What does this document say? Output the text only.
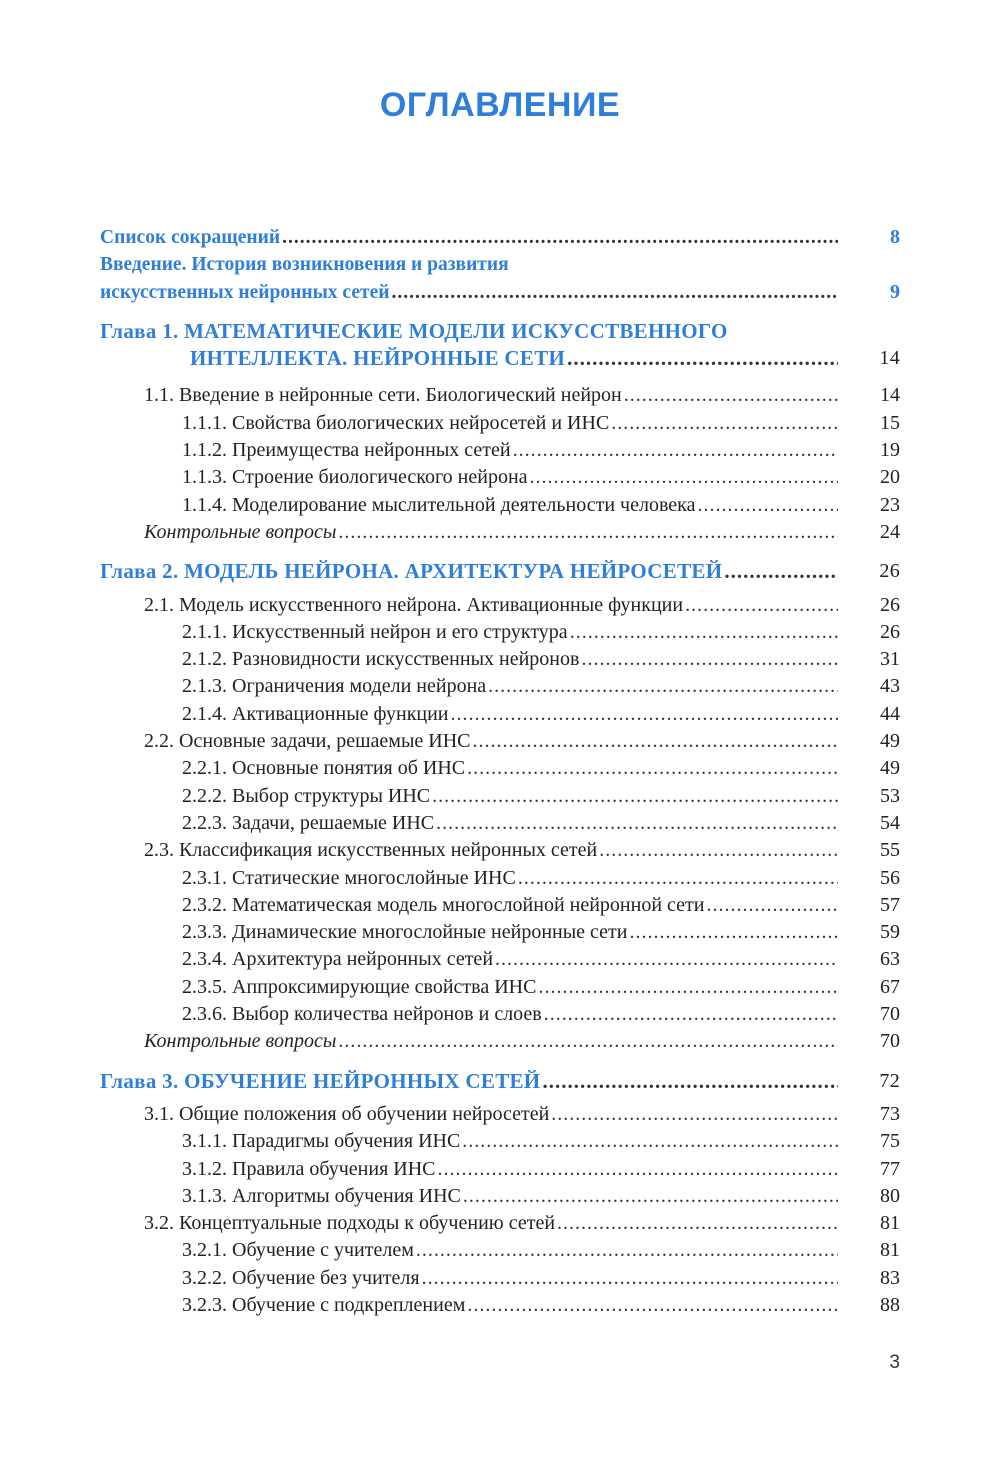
ОГЛАВЛЕНИЕ
Список сокращений .....	8
Введение. История возникновения и развития
искусственных нейронных сетей .....	9
Глава 1. МАТЕМАТИЧЕСКИЕ МОДЕЛИ ИСКУССТВЕННОГО
ИНТЕЛЛЕКТА. НЕЙРОННЫЕ СЕТИ .....	14
1.1. Введение в нейронные сети. Биологический нейрон .....	14
1.1.1. Свойства биологических нейросетей и ИНС .....	15
1.1.2. Преимущества нейронных сетей .....	19
1.1.3. Строение биологического нейрона .....	20
1.1.4. Моделирование мыслительной деятельности человека .....	23
Контрольные вопросы .....	24
Глава 2. МОДЕЛЬ НЕЙРОНА. АРХИТЕКТУРА НЕЙРОСЕТЕЙ .....	26
2.1. Модель искусственного нейрона. Активационные функции .....	26
2.1.1. Искусственный нейрон и его структура .....	26
2.1.2. Разновидности искусственных нейронов .....	31
2.1.3. Ограничения модели нейрона .....	43
2.1.4. Активационные функции .....	44
2.2. Основные задачи, решаемые ИНС .....	49
2.2.1. Основные понятия об ИНС .....	49
2.2.2. Выбор структуры ИНС .....	53
2.2.3. Задачи, решаемые ИНС .....	54
2.3. Классификация искусственных нейронных сетей .....	55
2.3.1. Статические многослойные ИНС .....	56
2.3.2. Математическая модель многослойной нейронной сети .....	57
2.3.3. Динамические многослойные нейронные сети .....	59
2.3.4. Архитектура нейронных сетей .....	63
2.3.5. Аппроксимирующие свойства ИНС .....	67
2.3.6. Выбор количества нейронов и слоев .....	70
Контрольные вопросы .....	70
Глава 3. ОБУЧЕНИЕ НЕЙРОННЫХ СЕТЕЙ .....	72
3.1. Общие положения об обучении нейросетей .....	73
3.1.1. Парадигмы обучения ИНС .....	75
3.1.2. Правила обучения ИНС .....	77
3.1.3. Алгоритмы обучения ИНС .....	80
3.2. Концептуальные подходы к обучению сетей .....	81
3.2.1. Обучение с учителем .....	81
3.2.2. Обучение без учителя .....	83
3.2.3. Обучение с подкреплением .....	88
3
